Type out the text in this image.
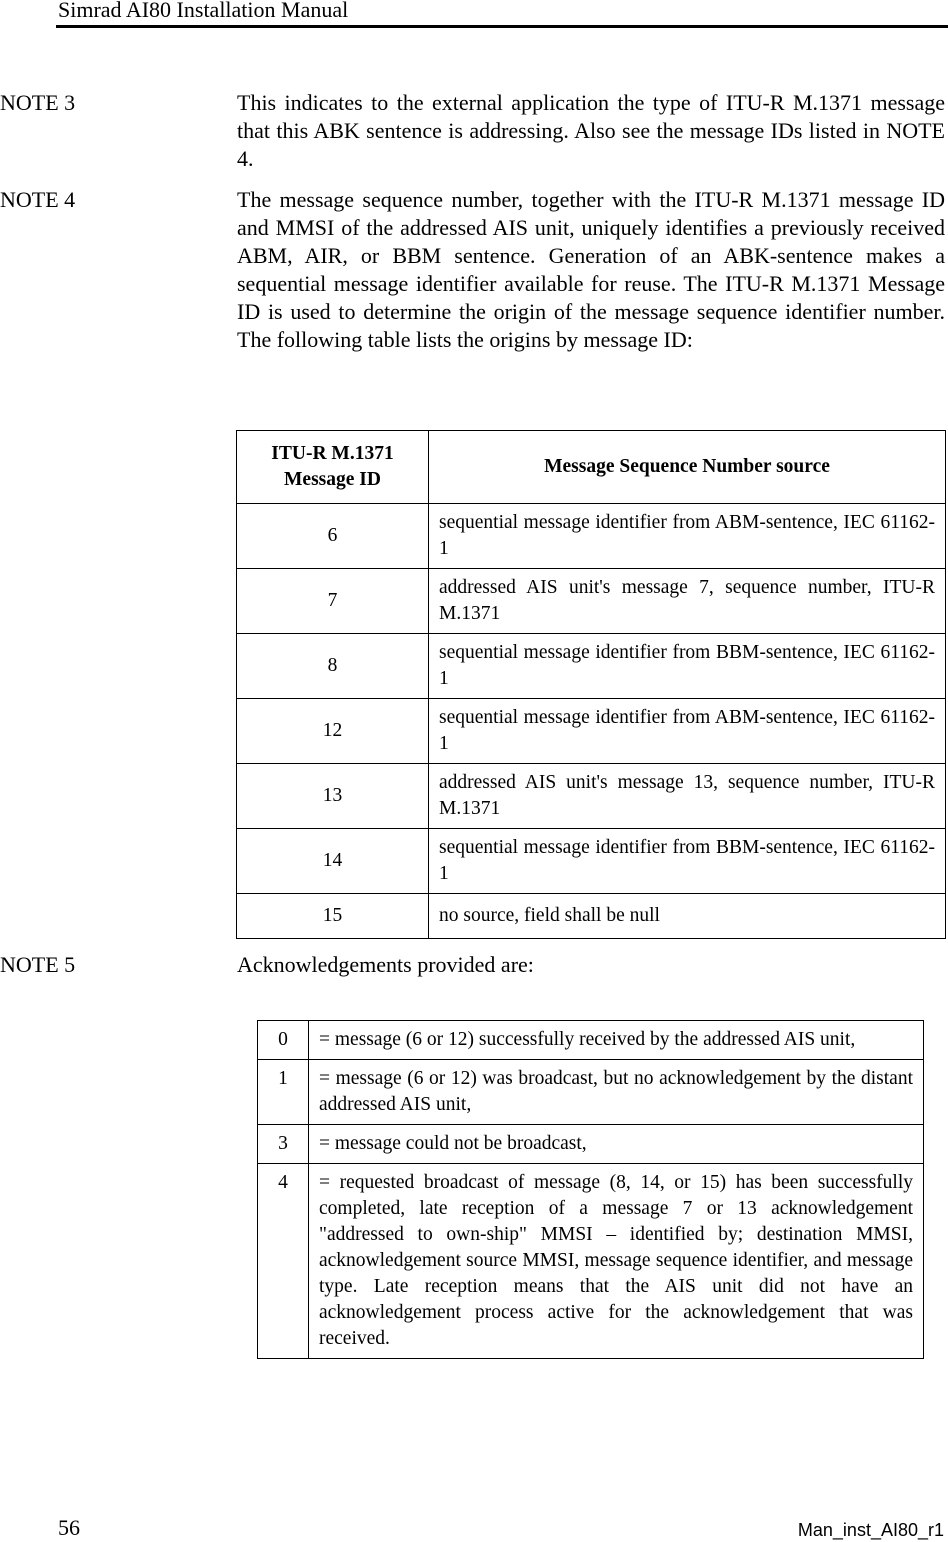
Simrad AI80 Installation Manual
NOTE 3	This indicates to the external application the type of ITU-R M.1371 message that this ABK sentence is addressing. Also see the message IDs listed in NOTE 4.
NOTE 4	The message sequence number, together with the ITU-R M.1371 message ID and MMSI of the addressed AIS unit, uniquely identifies a previously received ABM, AIR, or BBM sentence. Generation of an ABK-sentence makes a sequential message identifier available for reuse. The ITU-R M.1371 Message ID is used to determine the origin of the message sequence identifier number. The following table lists the origins by message ID:
ITU-R M.1371 Message ID	Message Sequence Number source
6	sequential message identifier from ABM-sentence, IEC 61162-1
7	addressed AIS unit's message 7, sequence number, ITU-R M.1371
8	sequential message identifier from BBM-sentence, IEC 61162-1
12	sequential message identifier from ABM-sentence, IEC 61162-1
13	addressed AIS unit's message 13, sequence number, ITU-R M.1371
14	sequential message identifier from BBM-sentence, IEC 61162-1
15	no source, field shall be null
NOTE 5	Acknowledgements provided are:
0	= message (6 or 12) successfully received by the addressed AIS unit,
1	= message (6 or 12) was broadcast, but no acknowledgement by the distant addressed AIS unit,
3	= message could not be broadcast,
4	= requested broadcast of message (8, 14, or 15) has been successfully completed, late reception of a message 7 or 13 acknowledgement "addressed to own-ship" MMSI – identified by; destination MMSI, acknowledgement source MMSI, message sequence identifier, and message type. Late reception means that the AIS unit did not have an acknowledgement process active for the acknowledgement that was received.
56	Man_inst_AI80_r1
